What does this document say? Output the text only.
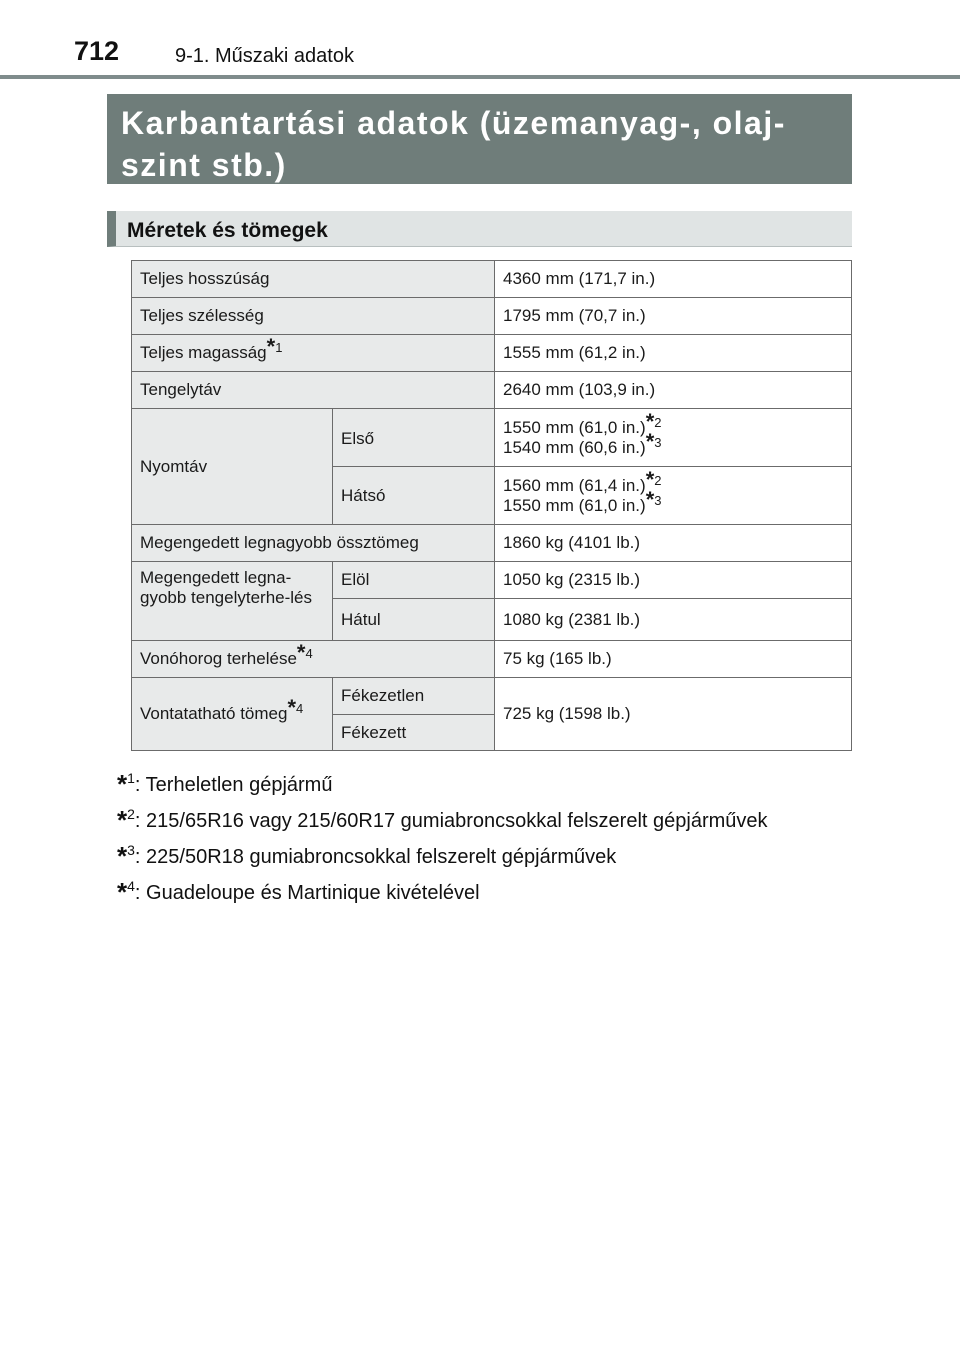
712	9-1. Műszaki adatok
Karbantartási adatok (üzemanyag-, olaj-
szint stb.)
Méretek és tömegek
Teljes hosszúság		4360 mm (171,7 in.)
Teljes szélesség		1795 mm (70,7 in.)
Teljes magasság*$^1$		1555 mm (61,2 in.)
Tengelytáv		2640 mm (103,9 in.)
Nyomtáv	Első	1550 mm (61,0 in.)*$^2$
1540 mm (60,6 in.)*$^3$

	Hátsó	1560 mm (61,4 in.)*$^2$
1550 mm (61,0 in.)*$^3$

Megengedett legnagyobb össztömeg		1860 kg (4101 lb.)
Megengedett legna-gyobb tengelyterhe-lés	Elöl	1050 kg (2315 lb.)
	Hátul	1080 kg (2381 lb.)
Vonóhorog terhelése*$^4$		75 kg (165 lb.)
Vontatatható tömeg*$^4$	Fékezetlen	725 kg (1598 lb.)
	Fékezett	
*$^1$: Terheletlen gépjármű
*$^2$: 215/65R16 vagy 215/60R17 gumiabroncsokkal felszerelt gépjárművek
*$^3$: 225/50R18 gumiabroncsokkal felszerelt gépjárművek
*$^4$: Guadeloupe és Martinique kivételével
